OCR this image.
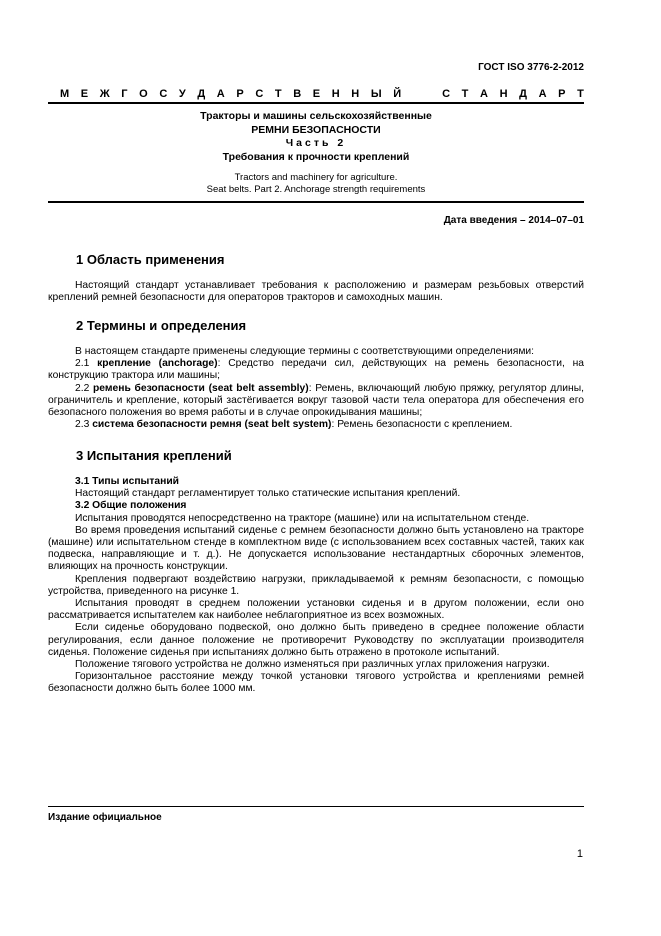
ГОСТ ISO 3776-2-2012
М Е Ж Г О С У Д А Р С Т В Е Н Н Ы Й

	С Т А Н Д А Р Т
Тракторы и машины сельскохозяйственные
РЕМНИ БЕЗОПАСНОСТИ
Часть 2
Требования к прочности креплений
Tractors and machinery for agriculture.
Seat belts. Part 2. Anchorage strength requirements
Дата введения – 2014–07–01
1 Область применения

Настоящий стандарт устанавливает требования к расположению и размерам резьбовых отверстий креплений ремней безопасности для операторов тракторов и самоходных машин.

2 Термины и определения

В настоящем стандарте применены следующие термины с соответствующими определениями:

2.1 крепление (anchorage): Средство передачи сил, действующих на ремень безопасности, на конструкцию трактора или машины;

2.2 ремень безопасности (seat belt assembly): Ремень, включающий любую пряжку, регулятор длины, ограничитель и крепление, который застёгивается вокруг тазовой части тела оператора для обеспечения его безопасного положения во время работы и в случае опрокидывания машины;

2.3 система безопасности ремня (seat belt system): Ремень безопасности с креплением.

3 Испытания креплений

3.1 Типы испытаний

Настоящий стандарт регламентирует только статические испытания креплений.

3.2 Общие положения

Испытания проводятся непосредственно на тракторе (машине) или на испытательном стенде.

Во время проведения испытаний сиденье с ремнем безопасности должно быть установлено на тракторе (машине) или испытательном стенде в комплектном виде (с использованием всех составных частей, таких как подвеска, направляющие и т. д.). Не допускается использование нестандартных сборочных элементов, влияющих на прочность конструкции.

Крепления подвергают воздействию нагрузки, прикладываемой к ремням безопасности, с помощью устройства, приведенного на рисунке 1.

Испытания проводят в среднем положении установки сиденья и в другом положении, если оно рассматривается испытателем как наиболее неблагоприятное из всех возможных.

Если сиденье оборудовано подвеской, оно должно быть приведено в среднее положение области регулирования, если данное положение не противоречит Руководству по эксплуатации производителя сиденья. Положение сиденья при испытаниях должно быть отражено в протоколе испытаний.

Положение тягового устройства не должно изменяться при различных углах приложения нагрузки.

Горизонтальное расстояние между точкой установки тягового устройства и креплениями ремней безопасности должно быть более 1000 мм.

Издание официальное
1
